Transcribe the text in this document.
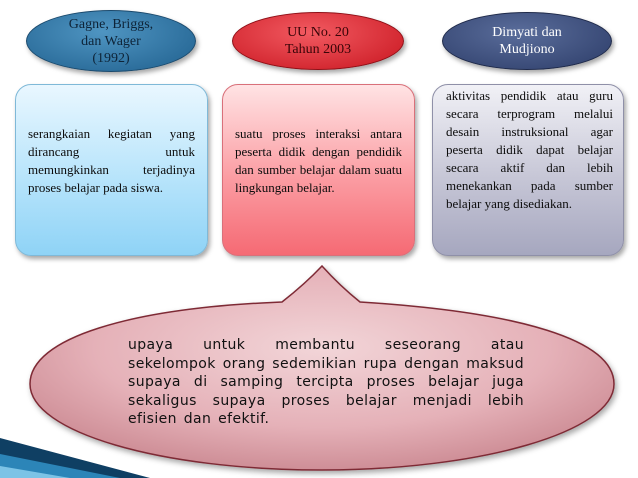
Gagne, Briggs,
dan Wager
(1992)
UU No. 20
Tahun 2003
Dimyati dan
Mudjiono
serangkaian kegiatan yang dirancang untuk memungkinkan terjadinya proses belajar pada siswa.
suatu proses interaksi antara peserta didik dengan pendidik dan sumber belajar dalam suatu lingkungan belajar.
aktivitas pendidik atau guru secara terprogram melalui desain instruksional agar peserta didik dapat belajar secara aktif dan lebih menekankan pada sumber belajar yang disediakan.
upaya untuk membantu seseorang atau sekelompok orang sedemikian rupa dengan maksud supaya di samping tercipta proses belajar juga sekaligus supaya proses belajar menjadi lebih efisien dan efektif.
